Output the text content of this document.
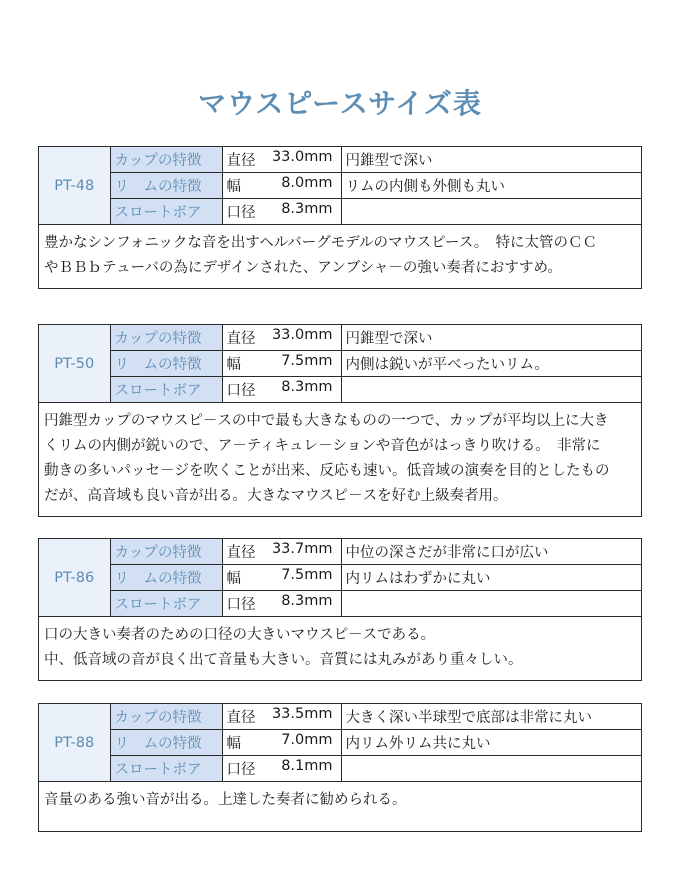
マウスピースサイズ表
PT-48	カップの特徴	直径 33.0mm	円錐型で深い
	リ　ムの特徴	幅 8.0mm	リムの内側も外側も丸い
	スロートボア	口径 8.3mm	

豊かなシンフォニックな音を出すヘルバーグモデルのマウスピース。　特に太管のＣＣ

やＢＢｂテューバの為にデザインされた、アンブシャ－の強い奏者におすすめ。

PT-50	カップの特徴	直径 33.0mm	円錐型で深い
	リ　ムの特徴	幅 7.5mm	内側は鋭いが平べったいリム。
	スロートボア	口径 8.3mm	

円錐型カップのマウスピ－スの中で最も大きなものの一つで、カップが平均以上に大き

くリムの内側が鋭いので、ア－ティキュレ－ションや音色がはっきり吹ける。　非常に

動きの多いパッセ－ジを吹くことが出来、反応も速い。低音域の演奏を目的としたもの

だが、高音域も良い音が出る。大きなマウスピ－スを好む上級奏者用。

PT-86	カップの特徴	直径 33.7mm	中位の深さだが非常に口が広い
	リ　ムの特徴	幅 7.5mm	内リムはわずかに丸い
	スロートボア	口径 8.3mm	

口の大きい奏者のための口径の大きいマウスピ－スである。

中、低音域の音が良く出て音量も大きい。音質には丸みがあり重々しい。

PT-88	カップの特徴	直径 33.5mm	大きく深い半球型で底部は非常に丸い
	リ　ムの特徴	幅 7.0mm	内リム外リム共に丸い
	スロートボア	口径 8.1mm	

音量のある強い音が出る。上達した奏者に勧められる。
